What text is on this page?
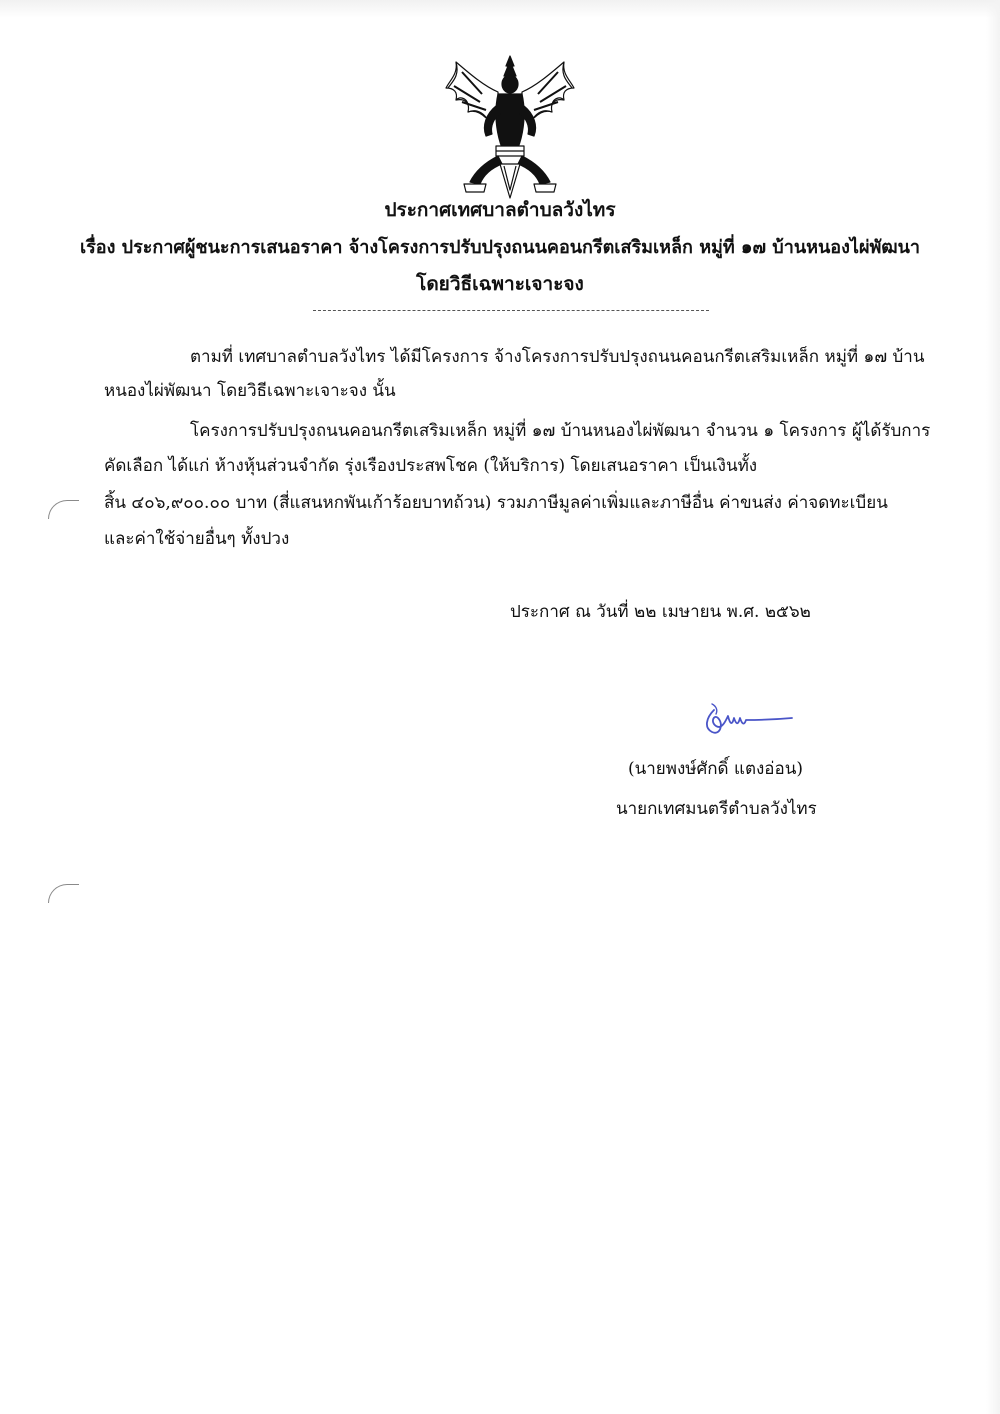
ประกาศเทศบาลตำบลวังไทร
เรื่อง ประกาศผู้ชนะการเสนอราคา จ้างโครงการปรับปรุงถนนคอนกรีตเสริมเหล็ก หมู่ที่ ๑๗ บ้านหนองไผ่พัฒนา
โดยวิธีเฉพาะเจาะจง
ตามที่ เทศบาลตำบลวังไทร ได้มีโครงการ จ้างโครงการปรับปรุงถนนคอนกรีตเสริมเหล็ก หมู่ที่ ๑๗ บ้าน
หนองไผ่พัฒนา โดยวิธีเฉพาะเจาะจง นั้น
โครงการปรับปรุงถนนคอนกรีตเสริมเหล็ก หมู่ที่ ๑๗ บ้านหนองไผ่พัฒนา จำนวน ๑ โครงการ ผู้ได้รับการ
คัดเลือก ได้แก่ ห้างหุ้นส่วนจำกัด รุ่งเรืองประสพโชค (ให้บริการ) โดยเสนอราคา เป็นเงินทั้ง
สิ้น ๔๐๖,๙๐๐.๐๐ บาท (สี่แสนหกพันเก้าร้อยบาทถ้วน) รวมภาษีมูลค่าเพิ่มและภาษีอื่น ค่าขนส่ง ค่าจดทะเบียน
และค่าใช้จ่ายอื่นๆ ทั้งปวง
ประกาศ ณ วันที่ ๒๒ เมษายน พ.ศ. ๒๕๖๒
(นายพงษ์ศักดิ์ แตงอ่อน)
นายกเทศมนตรีตำบลวังไทร
